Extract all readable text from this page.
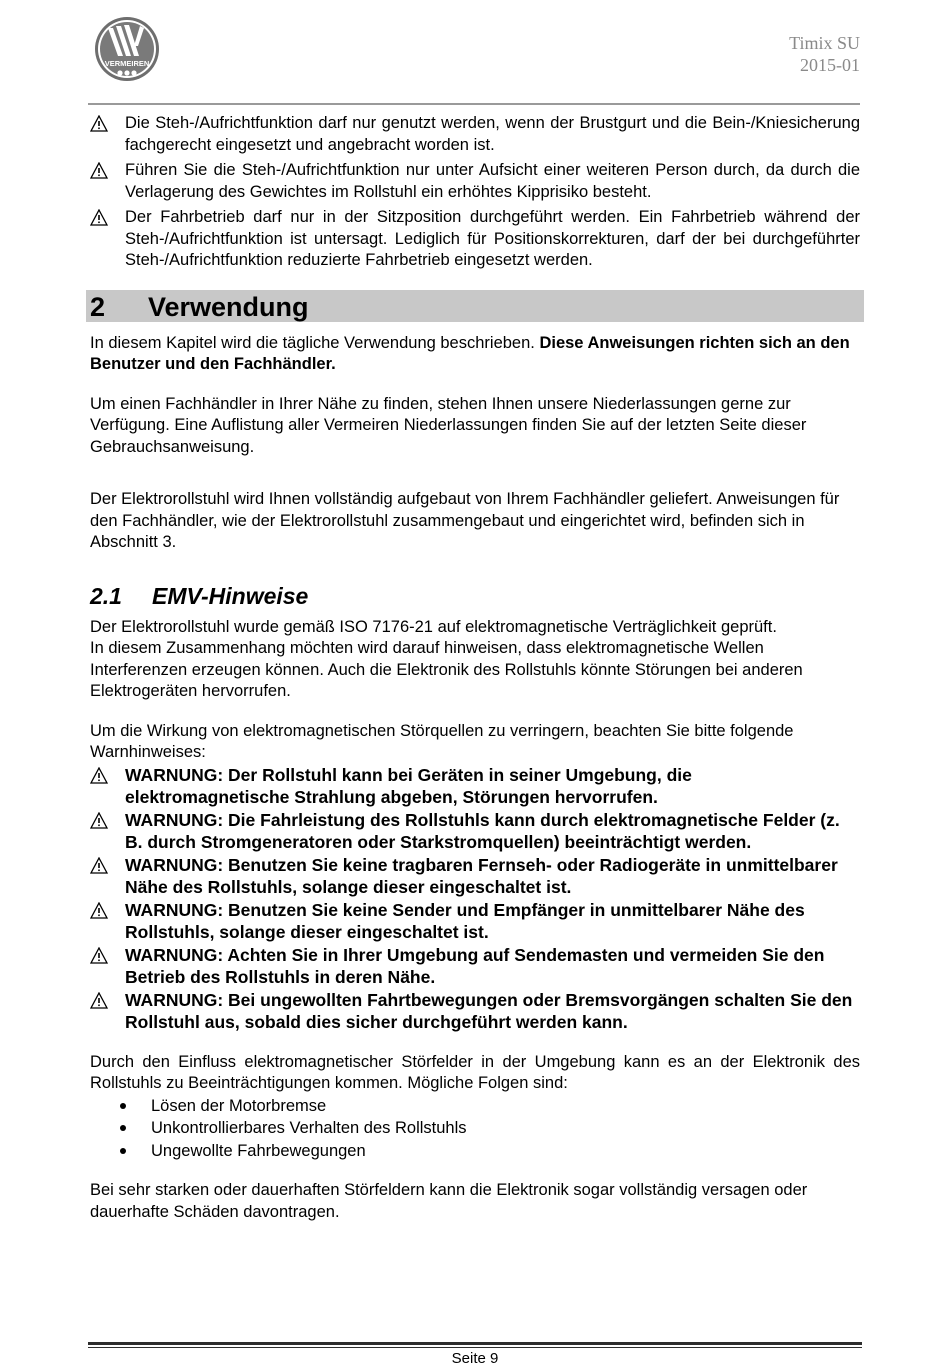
VERMEIREN
Timix SU
2015-01
Die Steh-/Aufrichtfunktion darf nur genutzt werden, wenn der Brustgurt und die Bein-/Kniesicherung fachgerecht eingesetzt und angebracht worden ist.
Führen Sie die Steh-/Aufrichtfunktion nur unter Aufsicht einer weiteren Person durch, da durch die Verlagerung des Gewichtes im Rollstuhl ein erhöhtes Kipprisiko besteht.
Der Fahrbetrieb darf nur in der Sitzposition durchgeführt werden. Ein Fahrbetrieb während der Steh-/Aufrichtfunktion ist untersagt. Lediglich für Positionskorrekturen, darf der bei durchgeführter Steh-/Aufrichtfunktion reduzierte Fahrbetrieb eingesetzt werden.
2 Verwendung

In diesem Kapitel wird die tägliche Verwendung beschrieben. Diese Anweisungen richten sich an den Benutzer und den Fachhändler.

Um einen Fachhändler in Ihrer Nähe zu finden, stehen Ihnen unsere Niederlassungen gerne zur Verfügung. Eine Auflistung aller Vermeiren Niederlassungen finden Sie auf der letzten Seite dieser Gebrauchsanweisung.

Der Elektrorollstuhl wird Ihnen vollständig aufgebaut von Ihrem Fachhändler geliefert. Anweisungen für den Fachhändler, wie der Elektrorollstuhl zusammengebaut und eingerichtet wird, befinden sich in Abschnitt 3.

2.1 EMV-Hinweise

Der Elektrorollstuhl wurde gemäß ISO 7176-21 auf elektromagnetische Verträglichkeit geprüft.

In diesem Zusammenhang möchten wird darauf hinweisen, dass elektromagnetische Wellen Interferenzen erzeugen können. Auch die Elektronik des Rollstuhls könnte Störungen bei anderen Elektrogeräten hervorrufen.

Um die Wirkung von elektromagnetischen Störquellen zu verringern, beachten Sie bitte folgende Warnhinweises:

WARNUNG: Der Rollstuhl kann bei Geräten in seiner Umgebung, die elektromagnetische Strahlung abgeben, Störungen hervorrufen.
WARNUNG: Die Fahrleistung des Rollstuhls kann durch elektromagnetische Felder (z. B. durch Stromgeneratoren oder Starkstromquellen) beeinträchtigt werden.
WARNUNG: Benutzen Sie keine tragbaren Fernseh- oder Radiogeräte in unmittelbarer Nähe des Rollstuhls, solange dieser eingeschaltet ist.
WARNUNG: Benutzen Sie keine Sender und Empfänger in unmittelbarer Nähe des Rollstuhls, solange dieser eingeschaltet ist.
WARNUNG: Achten Sie in Ihrer Umgebung auf Sendemasten und vermeiden Sie den Betrieb des Rollstuhls in deren Nähe.
WARNUNG: Bei ungewollten Fahrtbewegungen oder Bremsvorgängen schalten Sie den Rollstuhl aus, sobald dies sicher durchgeführt werden kann.

Durch den Einfluss elektromagnetischer Störfelder in der Umgebung kann es an der Elektronik des Rollstuhls zu Beeinträchtigungen kommen. Mögliche Folgen sind:

Lösen der Motorbremse
Unkontrollierbares Verhalten des Rollstuhls
Ungewollte Fahrbewegungen

Bei sehr starken oder dauerhaften Störfeldern kann die Elektronik sogar vollständig versagen oder dauerhafte Schäden davontragen.

Seite 9
